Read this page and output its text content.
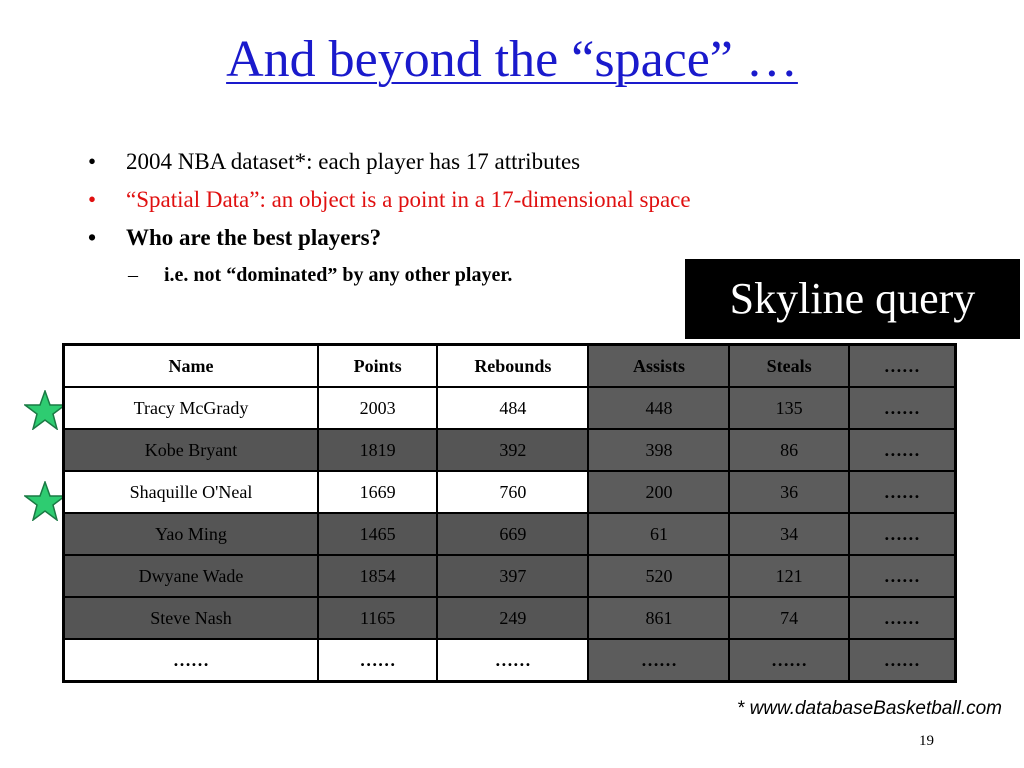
And beyond the “space” …
• 2004 NBA dataset*: each player has 17 attributes
• “Spatial Data”: an object is a point in a 17-dimensional space
• Who are the best players?
– i.e. not “dominated” by any other player.	Skyline query
Name	Points	Rebounds	Assists	Steals	……
Tracy McGrady	2003	484	448	135	……
Kobe Bryant	1819	392	398	86	……
Shaquille O'Neal	1669	760	200	36	……
Yao Ming	1465	669	61	34	……
Dwyane Wade	1854	397	520	121	……
Steve Nash	1165	249	861	74	……
……	……	……	……	……	……
* www.databaseBasketball.com
19
